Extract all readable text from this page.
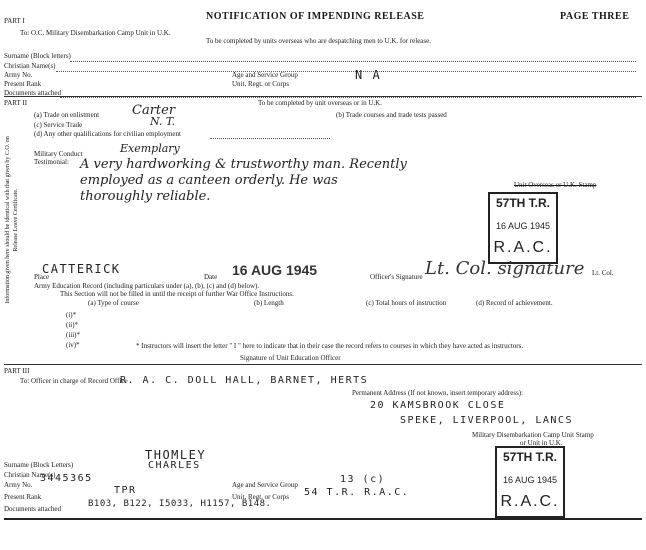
PART I	NOTIFICATION OF IMPENDING RELEASE	PAGE THREE
Information given here should be identical with that given by C.O. on Release Leave Certificate.
To: O.C. Military Disembarkation Camp Unit in U.K.
To be completed by units overseas who are despatching men to U.K. for release.
Surname (Block letters)
Christian Name(s)
Army No.	Age and Service Group	N A
Present Rank	Unit, Regt. or Corps
Documents attached
PART II	To be completed by unit overseas or in U.K.
(a) Trade on enlistment	Carter	(b) Trade courses and trade tests passed
(c) Service Trade	N. T.
(d) Any other qualifications for civilian employment
Military Conduct	Exemplary
Testimonial: A very hardworking & trustworthy man. Recently
employed as a canteen orderly. He was
thoroughly reliable.
Unit Overseas or U.K. Stamp
57TH T.R.
16 AUG 1945
R.A.C.
Place
CATTERICK
Date 16 AUG 1945	Officer's Signature Lt. Col. signature Lt. Col.
Army Education Record (including particulars under (a), (b), (c) and (d) below).
This Section will not be filled in until the receipt of further War Office Instructions.
(a) Type of course	(b) Length	(c) Total hours of instruction	(d) Record of achievement.
(i)*
(ii)*
(iii)*
(iv)*	* Instructors will insert the letter " I " here to indicate that in their case the record refers to courses in which they have acted as instructors.
Signature of Unit Education Officer
PART III
To: Officer in charge of Record Office
R. A. C. DOLL HALL, BARNET, HERTS
Permanent Address (If not known, insert temporary address):
20 KAMSBROOK CLOSE
SPEKE, LIVERPOOL, LANCS
Military Disembarkation Camp Unit Stamp
or Unit in U.K.
57TH T.R.
16 AUG 1945
R.A.C.
Surname (Block Letters)
THOMLEY
Christian Name(s)
CHARLES
Army No.
3445365
Age and Service Group	13 (c)
Present Rank
TPR
Unit, Regt. or Corps 54 T.R. R.A.C.
Documents attached	B103, B122, I5033, H1157, B148.
